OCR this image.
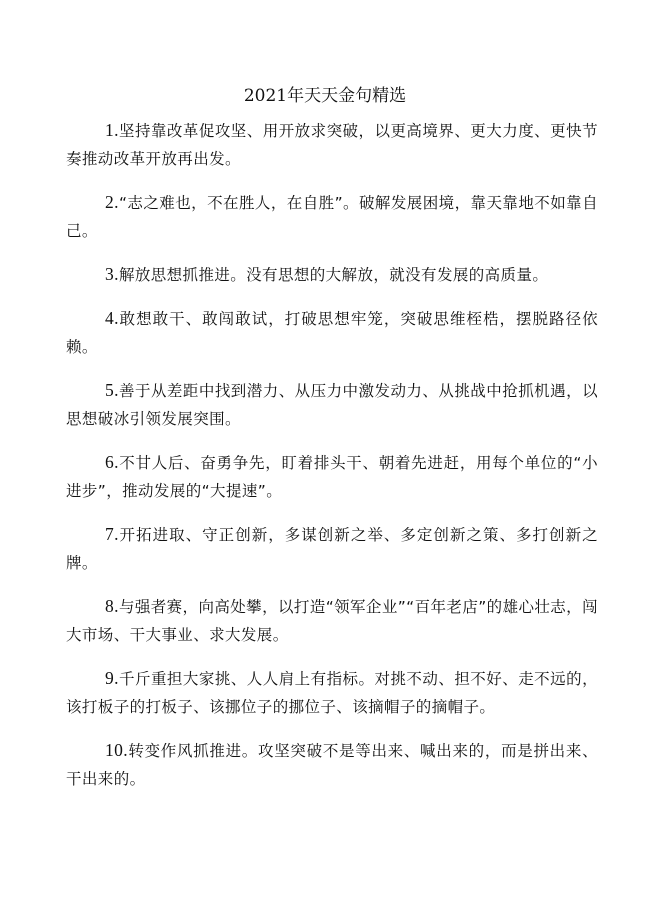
2021年天天金句精选

1.坚持靠改革促攻坚、用开放求突破，以更高境界、更大力度、更快节奏推动改革开放再出发。

2.“志之难也，不在胜人，在自胜”。破解发展困境，靠天靠地不如靠自己。

3.解放思想抓推进。没有思想的大解放，就没有发展的高质量。

4.敢想敢干、敢闯敢试，打破思想牢笼，突破思维桎梏，摆脱路径依赖。

5.善于从差距中找到潜力、从压力中激发动力、从挑战中抢抓机遇，以思想破冰引领发展突围。

6.不甘人后、奋勇争先，盯着排头干、朝着先进赶，用每个单位的“小进步”，推动发展的“大提速”。

7.开拓进取、守正创新，多谋创新之举、多定创新之策、多打创新之牌。

8.与强者赛，向高处攀，以打造“领军企业”“百年老店”的雄心壮志，闯大市场、干大事业、求大发展。

9.千斤重担大家挑、人人肩上有指标。对挑不动、担不好、走不远的，该打板子的打板子、该挪位子的挪位子、该摘帽子的摘帽子。

10.转变作风抓推进。攻坚突破不是等出来、喊出来的，而是拼出来、干出来的。
